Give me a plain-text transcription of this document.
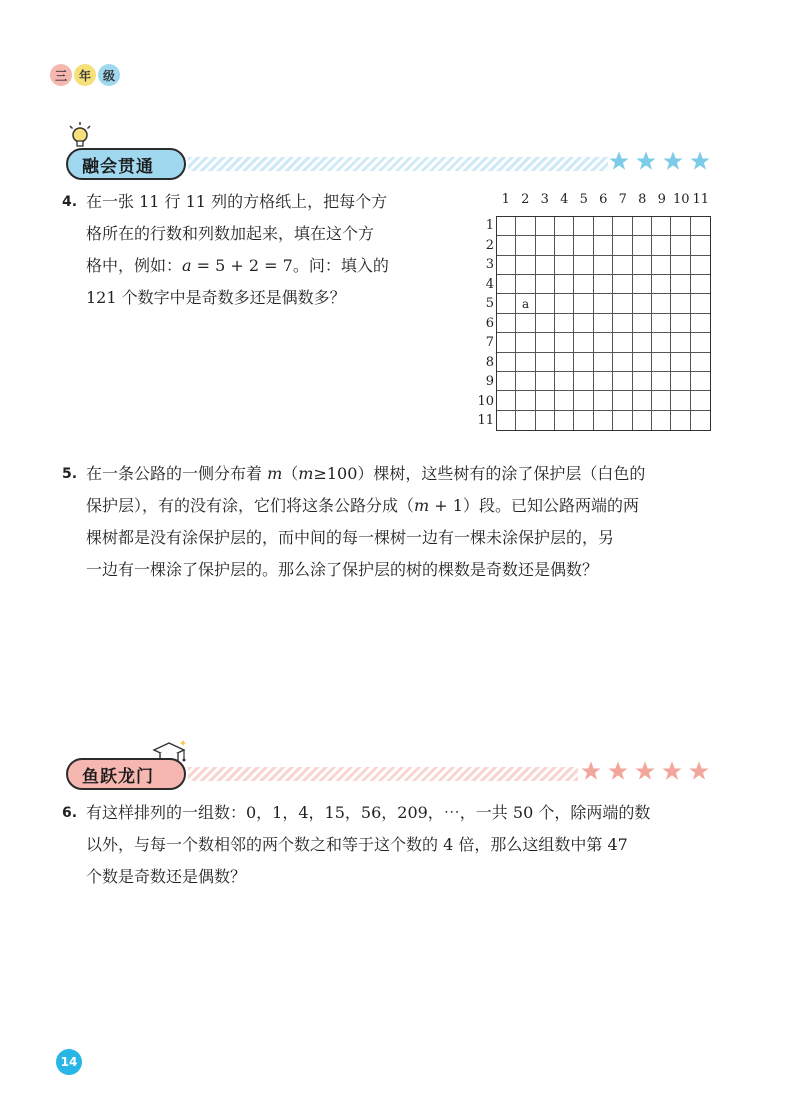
三 年 级
融会贯通
4. 在一张 11 行 11 列的方格纸上，把每个方
格所在的行数和列数加起来，填在这个方
格中，例如：a = 5 + 2 = 7。问：填入的
121 个数字中是奇数多还是偶数多？
1 2 3 4 5 6 7 8 9 10 11
1
2
3
4
5
6
7
8
9
10
11
a
5. 在一条公路的一侧分布着 m（m≥100）棵树，这些树有的涂了保护层（白色的
保护层），有的没有涂，它们将这条公路分成（m + 1）段。已知公路两端的两
棵树都是没有涂保护层的，而中间的每一棵树一边有一棵未涂保护层的，另
一边有一棵涂了保护层的。那么涂了保护层的树的棵数是奇数还是偶数？
鱼跃龙门
6. 有这样排列的一组数：0，1，4，15，56，209，⋯，一共 50 个，除两端的数
以外，与每一个数相邻的两个数之和等于这个数的 4 倍，那么这组数中第 47
个数是奇数还是偶数？
14
